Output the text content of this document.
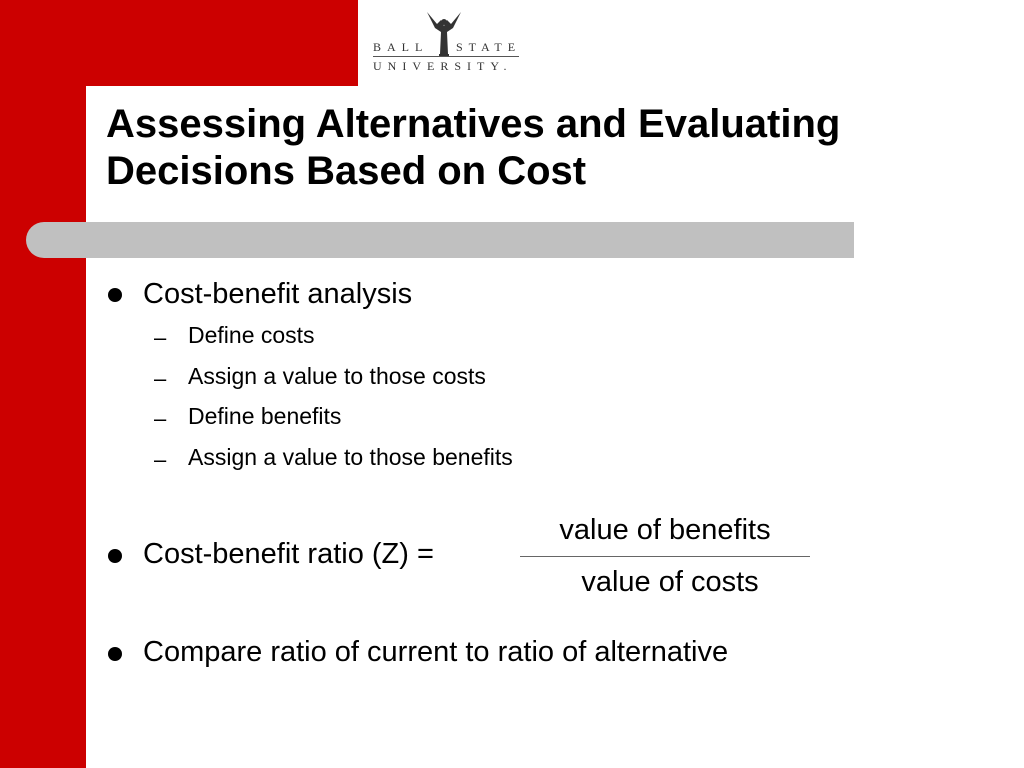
BALL STATE
UNIVERSITY.
Assessing Alternatives and Evaluating Decisions Based on Cost
Cost-benefit analysis
– Define costs
– Assign a value to those costs
– Define benefits
– Assign a value to those benefits
Cost-benefit ratio (Z) =
value of benefits
value of costs
Compare ratio of current to ratio of alternative
